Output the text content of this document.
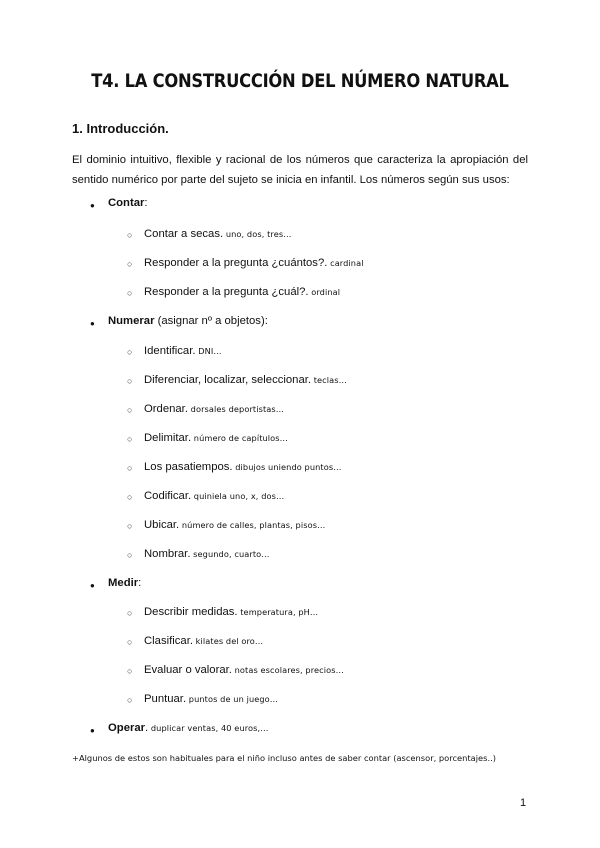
T4. LA CONSTRUCCIÓN DEL NÚMERO NATURAL
1. Introducción.
El dominio intuitivo, flexible y racional de los números que caracteriza la apropiación del
sentido numérico por parte del sujeto se inicia en infantil. Los números según sus usos:
● Contar:
○ Contar a secas. uno, dos, tres…
○ Responder a la pregunta ¿cuántos?. cardinal
○ Responder a la pregunta ¿cuál?. ordinal
● Numerar (asignar nº a objetos):
○ Identificar. DNI…
○ Diferenciar, localizar, seleccionar. teclas…
○ Ordenar. dorsales deportistas…
○ Delimitar. número de capítulos…
○ Los pasatiempos. dibujos uniendo puntos…
○ Codificar. quiniela uno, x, dos…
○ Ubicar. número de calles, plantas, pisos…
○ Nombrar. segundo, cuarto…
● Medir:
○ Describir medidas. temperatura, pH…
○ Clasificar. kilates del oro…
○ Evaluar o valorar. notas escolares, precios…
○ Puntuar. puntos de un juego…
● Operar. duplicar ventas, 40 euros,…
+Algunos de estos son habituales para el niño incluso antes de saber contar (ascensor, porcentajes..)
1
